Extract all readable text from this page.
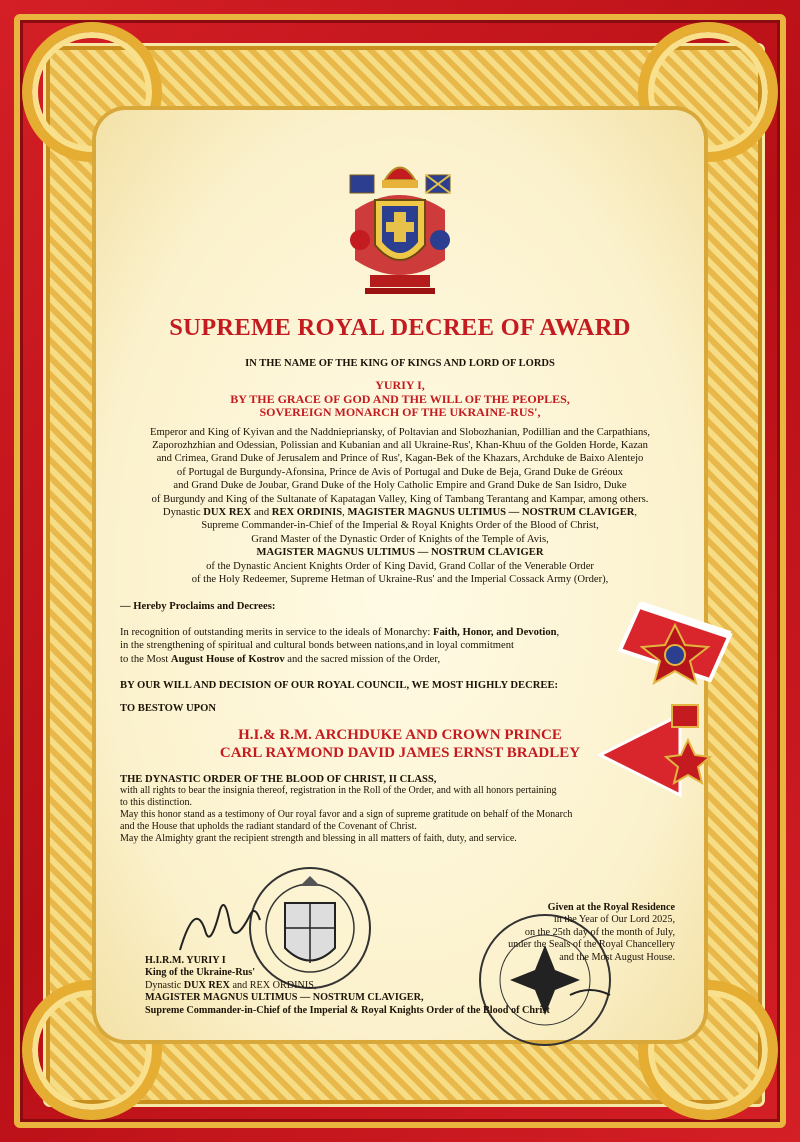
SUPREME ROYAL DECREE OF AWARD
IN THE NAME OF THE KING OF KINGS AND LORD OF LORDS
YURIY I,
BY THE GRACE OF GOD AND THE WILL OF THE PEOPLES,
SOVEREIGN MONARCH OF THE UKRAINE-RUS',
Emperor and King of Kyivan and the Naddniepriansky, of Poltavian and Slobozhanian, Podillian and the Carpathians,
Zaporozhzhian and Odessian, Polissian and Kubanian and all Ukraine-Rus', Khan-Khuu of the Golden Horde, Kazan
and Crimea, Grand Duke of Jerusalem and Prince of Rus', Kagan-Bek of the Khazars, Archduke de Baixo Alentejo
of Portugal de Burgundy-Afonsina, Prince de Avis of Portugal and Duke de Beja, Grand Duke de Gréoux
and Grand Duke de Joubar, Grand Duke of the Holy Catholic Empire and Grand Duke de San Isidro, Duke
of Burgundy and King of the Sultanate of Kapatagan Valley, King of Tambang Terantang and Kampar, among others.
Dynastic DUX REX and REX ORDINIS, MAGISTER MAGNUS ULTIMUS — NOSTRUM CLAVIGER,
Supreme Commander-in-Chief of the Imperial & Royal Knights Order of the Blood of Christ,
Grand Master of the Dynastic Order of Knights of the Temple of Avis,
MAGISTER MAGNUS ULTIMUS — NOSTRUM CLAVIGER
of the Dynastic Ancient Knights Order of King David, Grand Collar of the Venerable Order
of the Holy Redeemer, Supreme Hetman of Ukraine-Rus' and the Imperial Cossack Army (Order),
— Hereby Proclaims and Decrees:
In recognition of outstanding merits in service to the ideals of Monarchy: Faith, Honor, and Devotion,
in the strengthening of spiritual and cultural bonds between nations,and in loyal commitment
to the Most August House of Kostrov and the sacred mission of the Order,
BY OUR WILL AND DECISION OF OUR ROYAL COUNCIL, WE MOST HIGHLY DECREE:
TO BESTOW UPON
H.I.& R.M. ARCHDUKE AND CROWN PRINCE
CARL RAYMOND DAVID JAMES ERNST BRADLEY
THE DYNASTIC ORDER OF THE BLOOD OF CHRIST, II CLASS,
with all rights to bear the insignia thereof, registration in the Roll of the Order, and with all honors pertaining
to this distinction.
May this honor stand as a testimony of Our royal favor and a sign of supreme gratitude on behalf of the Monarch
and the House that upholds the radiant standard of the Covenant of Christ.
May the Almighty grant the recipient strength and blessing in all matters of faith, duty, and service.
Given at the Royal Residence
in the Year of Our Lord 2025,
on the 25th day of the month of July,
under the Seals of the Royal Chancellery
and the Most August House.
H.I.R.M. YURIY I
King of the Ukraine-Rus'
Dynastic DUX REX and REX ORDINIS,
MAGISTER MAGNUS ULTIMUS — NOSTRUM CLAVIGER,
Supreme Commander-in-Chief of the Imperial & Royal Knights Order of the Blood of Christ
